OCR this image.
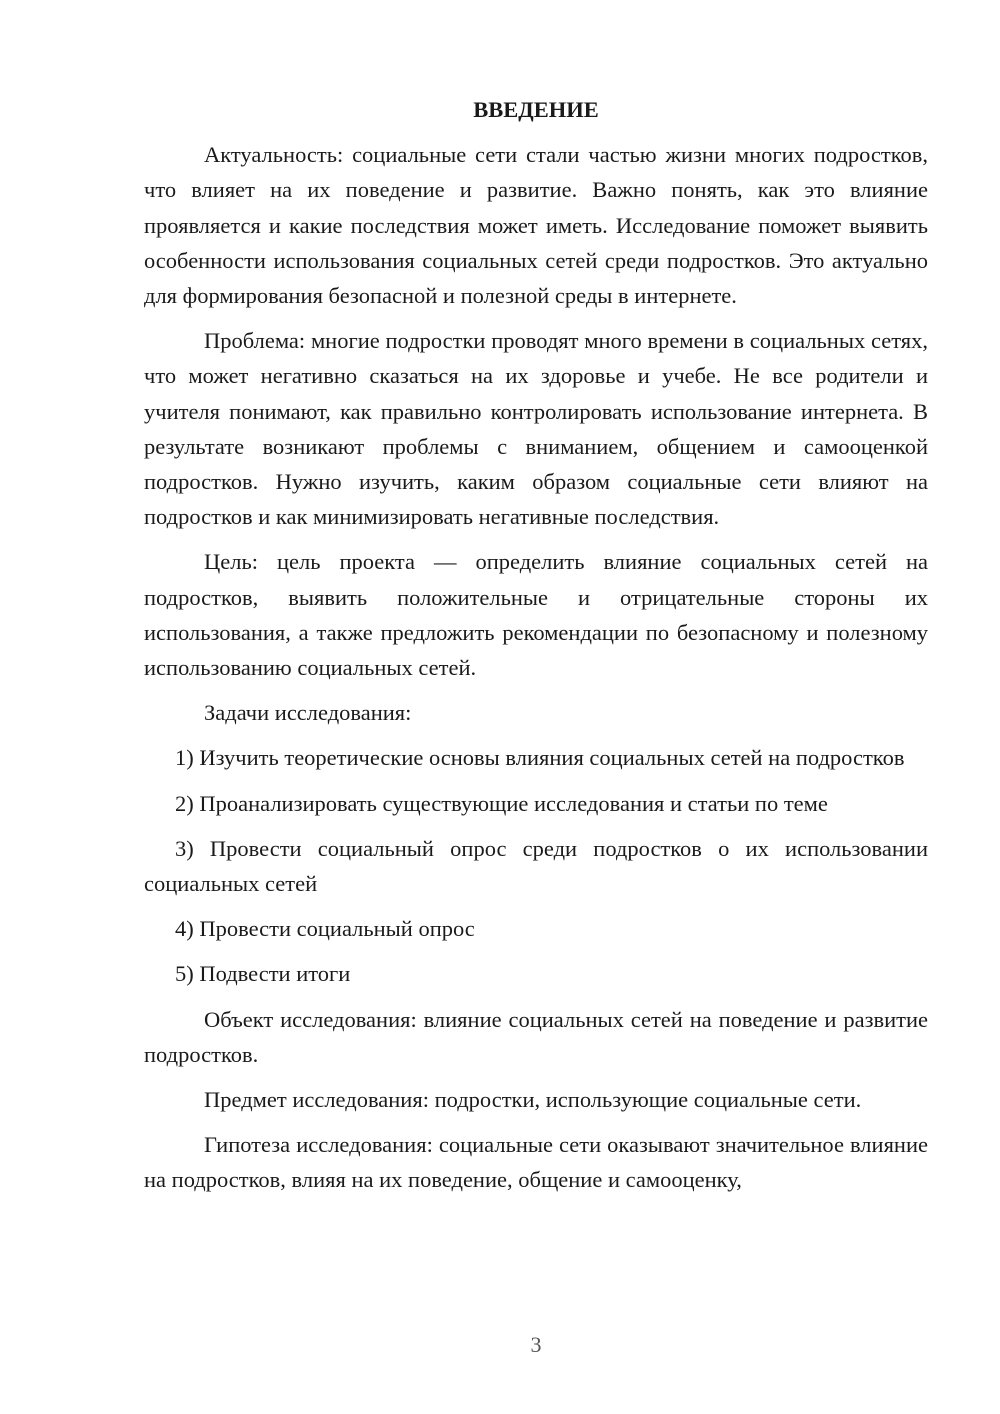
ВВЕДЕНИЕ

Актуальность: социальные сети стали частью жизни многих подростков, что влияет на их поведение и развитие. Важно понять, как это влияние проявляется и какие последствия может иметь. Исследование поможет выявить особенности использования социальных сетей среди подростков. Это актуально для формирования безопасной и полезной среды в интернете.

Проблема: многие подростки проводят много времени в социальных сетях, что может негативно сказаться на их здоровье и учебе. Не все родители и учителя понимают, как правильно контролировать использование интернета. В результате возникают проблемы с вниманием, общением и самооценкой подростков. Нужно изучить, каким образом социальные сети влияют на подростков и как минимизировать негативные последствия.

Цель: цель проекта — определить влияние социальных сетей на подростков, выявить положительные и отрицательные стороны их использования, а также предложить рекомендации по безопасному и полезному использованию социальных сетей.

Задачи исследования:

1) Изучить теоретические основы влияния социальных сетей на подростков

2) Проанализировать существующие исследования и статьи по теме

3) Провести социальный опрос среди подростков о их использовании социальных сетей

4) Провести социальный опрос

5) Подвести итоги

Объект исследования: влияние социальных сетей на поведение и развитие подростков.

Предмет исследования: подростки, использующие социальные сети.

Гипотеза исследования: социальные сети оказывают значительное влияние на подростков, влияя на их поведение, общение и самооценку,

3
